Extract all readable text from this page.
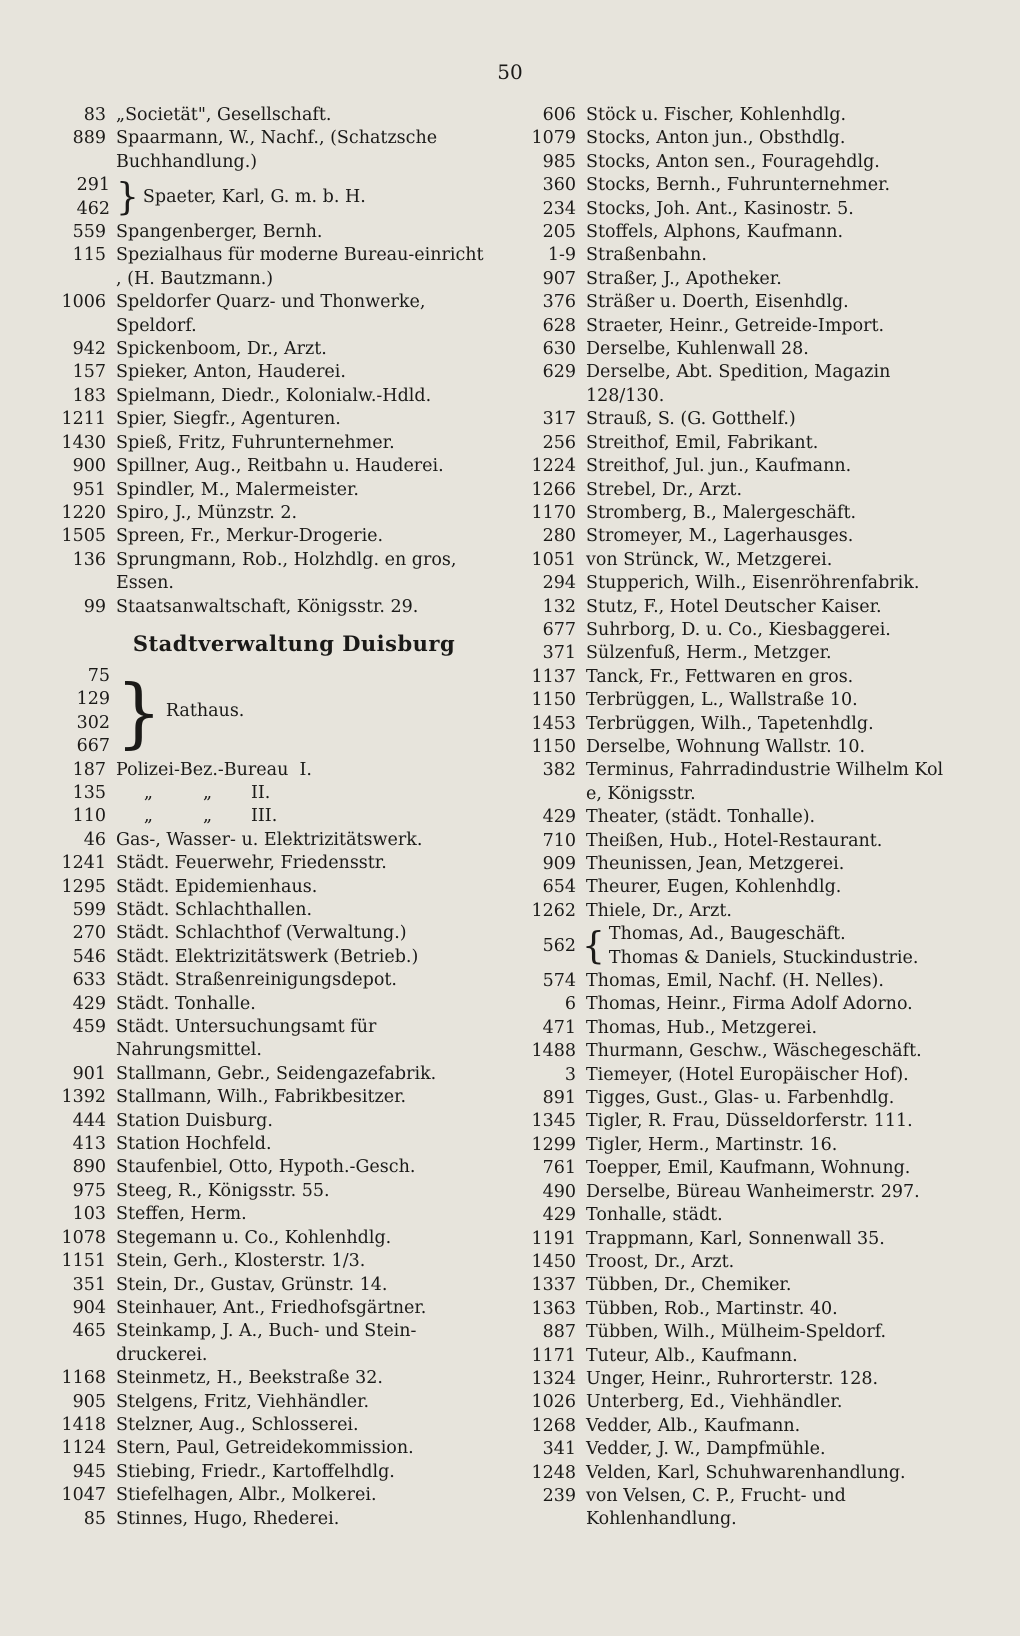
50
83 „Societät", Gesellschaft.
889 Spaarmann, W., Nachf., (Schatzsche Buchhandlung.)
291
462 } Spaeter, Karl, G. m. b. H.
559 Spangenberger, Bernh.
115 Spezialhaus für moderne Bureau-einricht , (H. Bautzmann.)
1006 Speldorfer Quarz- und Thonwerke, Speldorf.
942 Spickenboom, Dr., Arzt.
157 Spieker, Anton, Hauderei.
183 Spielmann, Diedr., Kolonialw.-Hdld.
1211 Spier, Siegfr., Agenturen.
1430 Spieß, Fritz, Fuhrunternehmer.
900 Spillner, Aug., Reitbahn u. Hauderei.
951 Spindler, M., Malermeister.
1220 Spiro, J., Münzstr. 2.
1505 Spreen, Fr., Merkur-Drogerie.
136 Sprungmann, Rob., Holzhdlg. en gros, Essen.
99 Staatsanwaltschaft, Königsstr. 29.
Stadtverwaltung Duisburg
75
129
302
667 } Rathaus.
187 Polizei-Bez.-Bureau  I.
135 „         „       II.
110 „         „       III.
46 Gas-, Wasser- u. Elektrizitätswerk.
1241 Städt. Feuerwehr, Friedensstr.
1295 Städt. Epidemienhaus.
599 Städt. Schlachthallen.
270 Städt. Schlachthof (Verwaltung.)
546 Städt. Elektrizitätswerk (Betrieb.)
633 Städt. Straßenreinigungsdepot.
429 Städt. Tonhalle.
459 Städt. Untersuchungsamt für Nahrungsmittel.
901 Stallmann, Gebr., Seidengazefabrik.
1392 Stallmann, Wilh., Fabrikbesitzer.
444 Station Duisburg.
413 Station Hochfeld.
890 Staufenbiel, Otto, Hypoth.-Gesch.
975 Steeg, R., Königsstr. 55.
103 Steffen, Herm.
1078 Stegemann u. Co., Kohlenhdlg.
1151 Stein, Gerh., Klosterstr. 1/3.
351 Stein, Dr., Gustav, Grünstr. 14.
904 Steinhauer, Ant., Friedhofsgärtner.
465 Steinkamp, J. A., Buch- und Stein-druckerei.
1168 Steinmetz, H., Beekstraße 32.
905 Stelgens, Fritz, Viehhändler.
1418 Stelzner, Aug., Schlosserei.
1124 Stern, Paul, Getreidekommission.
945 Stiebing, Friedr., Kartoffelhdlg.
1047 Stiefelhagen, Albr., Molkerei.
85 Stinnes, Hugo, Rhederei.
606 Stöck u. Fischer, Kohlenhdlg.
1079 Stocks, Anton jun., Obsthdlg.
985 Stocks, Anton sen., Fouragehdlg.
360 Stocks, Bernh., Fuhrunternehmer.
234 Stocks, Joh. Ant., Kasinostr. 5.
205 Stoffels, Alphons, Kaufmann.
1-9 Straßenbahn.
907 Straßer, J., Apotheker.
376 Sträßer u. Doerth, Eisenhdlg.
628 Straeter, Heinr., Getreide-Import.
630 Derselbe, Kuhlenwall 28.
629 Derselbe, Abt. Spedition, Magazin 128/130.
317 Strauß, S. (G. Gotthelf.)
256 Streithof, Emil, Fabrikant.
1224 Streithof, Jul. jun., Kaufmann.
1266 Strebel, Dr., Arzt.
1170 Stromberg, B., Malergeschäft.
280 Stromeyer, M., Lagerhausges.
1051 von Strünck, W., Metzgerei.
294 Stupperich, Wilh., Eisenröhrenfabrik.
132 Stutz, F., Hotel Deutscher Kaiser.
677 Suhrborg, D. u. Co., Kiesbaggerei.
371 Sülzenfuß, Herm., Metzger.
1137 Tanck, Fr., Fettwaren en gros.
1150 Terbrüggen, L., Wallstraße 10.
1453 Terbrüggen, Wilh., Tapetenhdlg.
1150 Derselbe, Wohnung Wallstr. 10.
382 Terminus, Fahrradindustrie Wilhelm Kol e, Königsstr.
429 Theater, (städt. Tonhalle).
710 Theißen, Hub., Hotel-Restaurant.
909 Theunissen, Jean, Metzgerei.
654 Theurer, Eugen, Kohlenhdlg.
1262 Thiele, Dr., Arzt.
562 { Thomas, Ad., Baugeschäft.
Thomas & Daniels, Stuckindustrie.
574 Thomas, Emil, Nachf. (H. Nelles).
6 Thomas, Heinr., Firma Adolf Adorno.
471 Thomas, Hub., Metzgerei.
1488 Thurmann, Geschw., Wäschegeschäft.
3 Tiemeyer, (Hotel Europäischer Hof).
891 Tigges, Gust., Glas- u. Farbenhdlg.
1345 Tigler, R. Frau, Düsseldorferstr. 111.
1299 Tigler, Herm., Martinstr. 16.
761 Toepper, Emil, Kaufmann, Wohnung.
490 Derselbe, Büreau Wanheimerstr. 297.
429 Tonhalle, städt.
1191 Trappmann, Karl, Sonnenwall 35.
1450 Troost, Dr., Arzt.
1337 Tübben, Dr., Chemiker.
1363 Tübben, Rob., Martinstr. 40.
887 Tübben, Wilh., Mülheim-Speldorf.
1171 Tuteur, Alb., Kaufmann.
1324 Unger, Heinr., Ruhrorterstr. 128.
1026 Unterberg, Ed., Viehhändler.
1268 Vedder, Alb., Kaufmann.
341 Vedder, J. W., Dampfmühle.
1248 Velden, Karl, Schuhwarenhandlung.
239 von Velsen, C. P., Frucht- und Kohlenhandlung.
